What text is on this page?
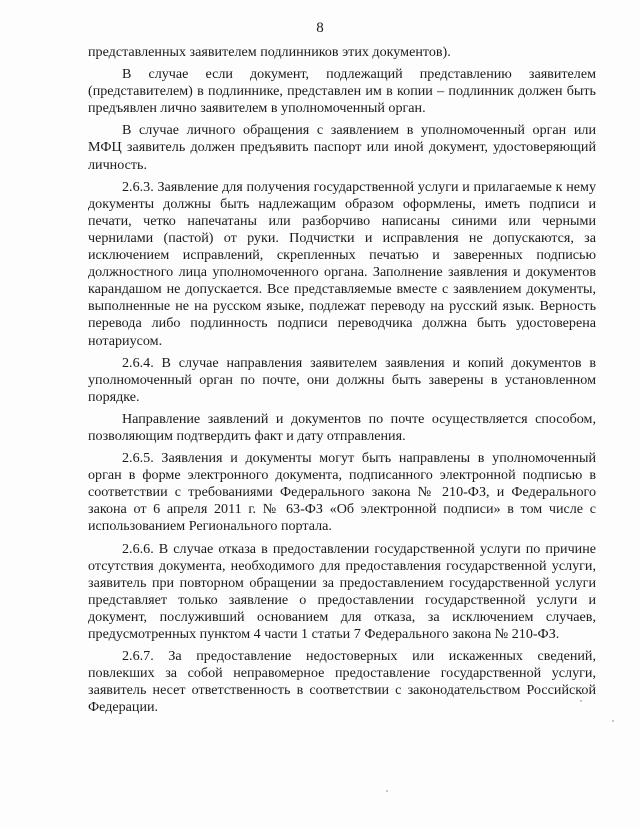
8

представленных заявителем подлинников этих документов).

В случае если документ, подлежащий представлению заявителем (представителем) в подлиннике, представлен им в копии – подлинник должен быть предъявлен лично заявителем в уполномоченный орган.

В случае личного обращения с заявлением в уполномоченный орган или МФЦ заявитель должен предъявить паспорт или иной документ, удостоверяющий личность.

2.6.3. Заявление для получения государственной услуги и прилагаемые к нему документы должны быть надлежащим образом оформлены, иметь подписи и печати, четко напечатаны или разборчиво написаны синими или черными чернилами (пастой) от руки. Подчистки и исправления не допускаются, за исключением исправлений, скрепленных печатью и заверенных подписью должностного лица уполномоченного органа. Заполнение заявления и документов карандашом не допускается. Все представляемые вместе с заявлением документы, выполненные не на русском языке, подлежат переводу на русский язык. Верность перевода либо подлинность подписи переводчика должна быть удостоверена нотариусом.

2.6.4. В случае направления заявителем заявления и копий документов в уполномоченный орган по почте, они должны быть заверены в установленном порядке.

Направление заявлений и документов по почте осуществляется способом, позволяющим подтвердить факт и дату отправления.

2.6.5. Заявления и документы могут быть направлены в уполномоченный орган в форме электронного документа, подписанного электронной подписью в соответствии с требованиями Федерального закона № 210-ФЗ, и Федерального закона от 6 апреля 2011 г. № 63-ФЗ «Об электронной подписи» в том числе с использованием Регионального портала.

2.6.6. В случае отказа в предоставлении государственной услуги по причине отсутствия документа, необходимого для предоставления государственной услуги, заявитель при повторном обращении за предоставлением государственной услуги представляет только заявление о предоставлении государственной услуги и документ, послуживший основанием для отказа, за исключением случаев, предусмотренных пунктом 4 части 1 статьи 7 Федерального закона № 210-ФЗ.

2.6.7. За предоставление недостоверных или искаженных сведений, повлекших за собой неправомерное предоставление государственной услуги, заявитель несет ответственность в соответствии с законодательством Российской Федерации.
